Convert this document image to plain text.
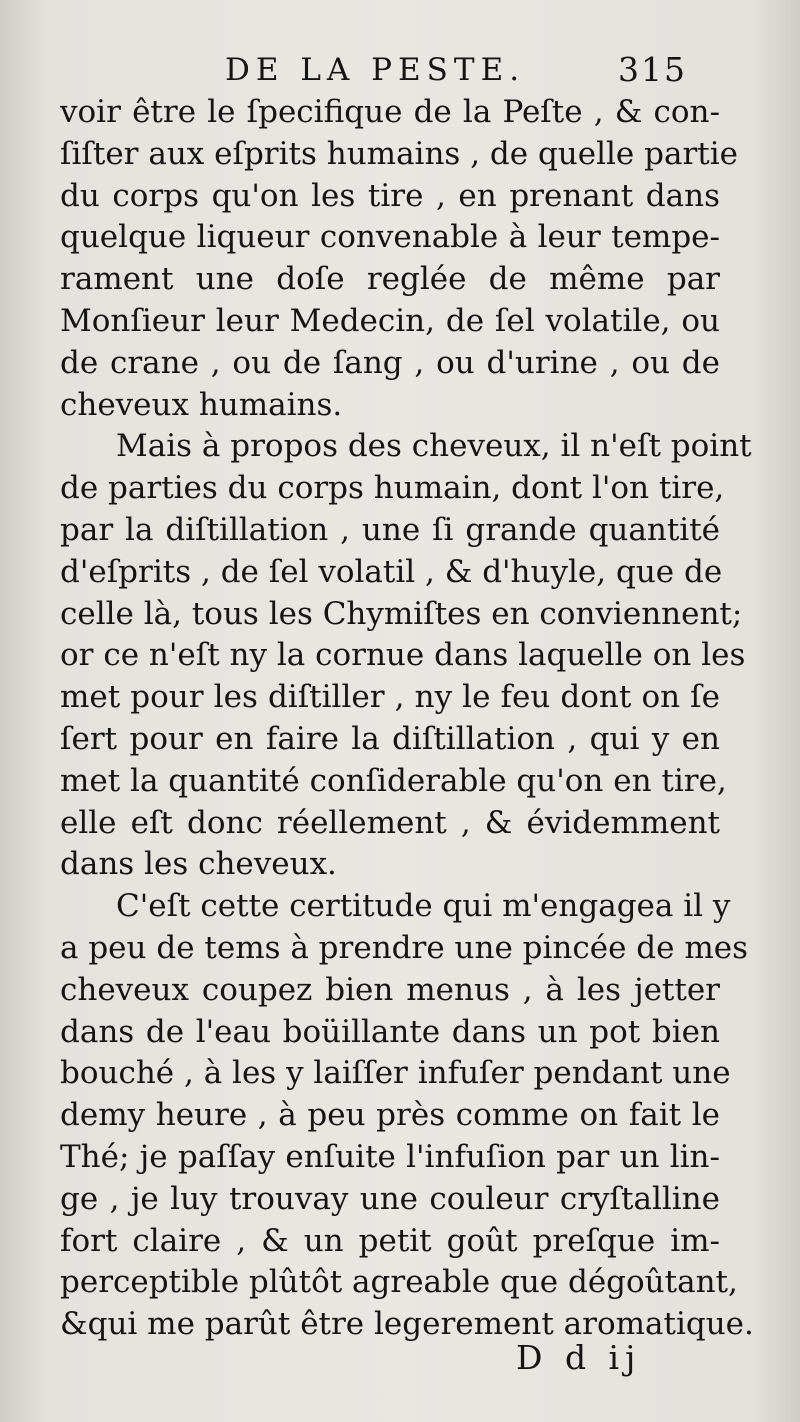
DE LA PESTE.	315
voir être le ſpecifique de la Peſte , & con-
ſiſter aux eſprits humains , de quelle partie
du corps qu'on les tire , en prenant dans
quelque liqueur convenable à leur tempe-
rament une doſe reglée de même par
Monſieur leur Medecin, de ſel volatile, ou
de crane , ou de ſang , ou d'urine , ou de
cheveux humains.
Mais à propos des cheveux, il n'eſt point
de parties du corps humain, dont l'on tire,
par la diſtillation , une ſi grande quantité
d'eſprits , de ſel volatil , & d'huyle, que de
celle là, tous les Chymiſtes en conviennent;
or ce n'eſt ny la cornue dans laquelle on les
met pour les diſtiller , ny le feu dont on ſe
ſert pour en faire la diſtillation , qui y en
met la quantité conſiderable qu'on en tire,
elle eſt donc réellement , & évidemment
dans les cheveux.
C'eſt cette certitude qui m'engagea il y
a peu de tems à prendre une pincée de mes
cheveux coupez bien menus , à les jetter
dans de l'eau boüillante dans un pot bien
bouché , à les y laiſſer infuſer pendant une
demy heure , à peu près comme on fait le
Thé; je paſſay enſuite l'infuſion par un lin-
ge , je luy trouvay une couleur cryſtalline
fort claire , & un petit goût preſque im-
perceptible plûtôt agreable que dégoûtant,
&qui me parût être legerement aromatique.
D d ij
